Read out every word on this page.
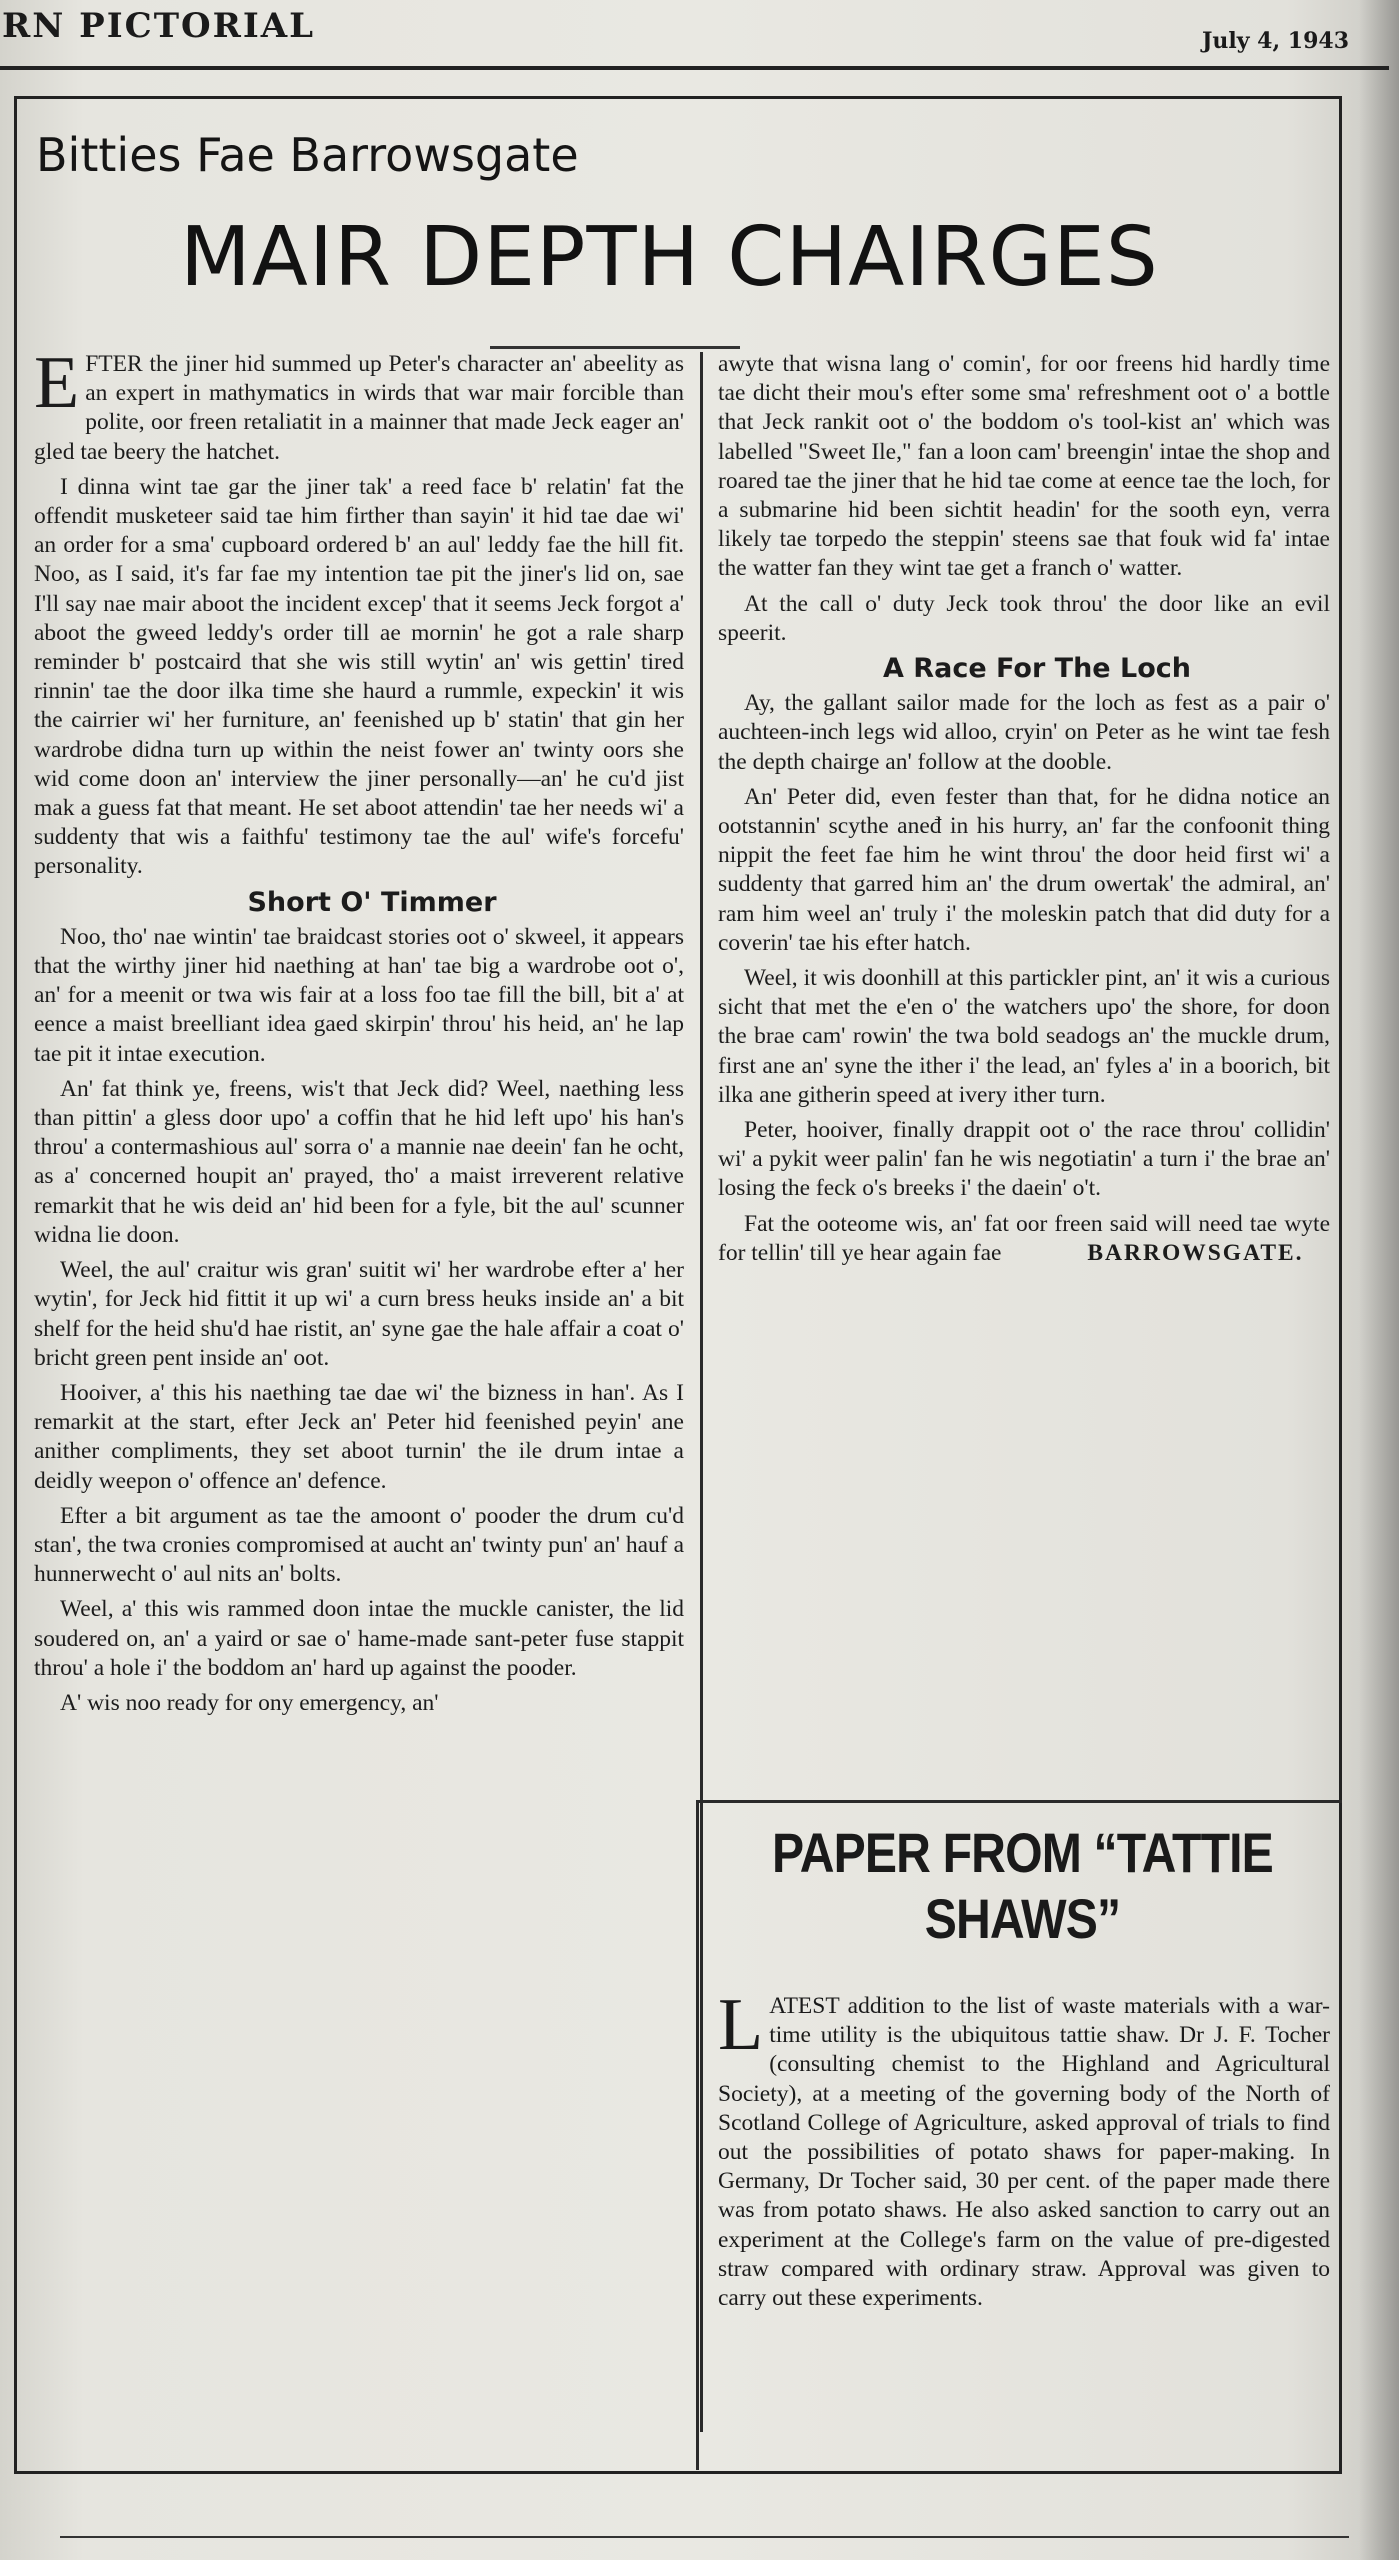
RN PICTORIAL	July 4, 1943
Bitties Fae Barrowsgate
MAIR DEPTH CHAIRGES

EFTER the jiner hid summed up Peter's character an' abeelity as an expert in mathymatics in wirds that war mair forcible than polite, oor freen retaliatit in a mainner that made Jeck eager an' gled tae beery the hatchet.

I dinna wint tae gar the jiner tak' a reed face b' relatin' fat the offendit musketeer said tae him firther than sayin' it hid tae dae wi' an order for a sma' cupboard ordered b' an aul' leddy fae the hill fit. Noo, as I said, it's far fae my intention tae pit the jiner's lid on, sae I'll say nae mair aboot the incident excep' that it seems Jeck forgot a' aboot the gweed leddy's order till ae mornin' he got a rale sharp reminder b' postcaird that she wis still wytin' an' wis gettin' tired rinnin' tae the door ilka time she haurd a rummle, expeckin' it wis the cairrier wi' her furniture, an' feenished up b' statin' that gin her wardrobe didna turn up within the neist fower an' twinty oors she wid come doon an' interview the jiner personally—an' he cu'd jist mak a guess fat that meant. He set aboot attendin' tae her needs wi' a suddenty that wis a faithfu' testimony tae the aul' wife's forcefu' personality.

Short O' Timmer

Noo, tho' nae wintin' tae braidcast stories oot o' skweel, it appears that the wirthy jiner hid naething at han' tae big a wardrobe oot o', an' for a meenit or twa wis fair at a loss foo tae fill the bill, bit a' at eence a maist breelliant idea gaed skirpin' throu' his heid, an' he lap tae pit it intae execution.

An' fat think ye, freens, wis't that Jeck did? Weel, naething less than pittin' a gless door upo' a coffin that he hid left upo' his han's throu' a contermashious aul' sorra o' a mannie nae deein' fan he ocht, as a' concerned houpit an' prayed, tho' a maist irreverent relative remarkit that he wis deid an' hid been for a fyle, bit the aul' scunner widna lie doon.

Weel, the aul' craitur wis gran' suitit wi' her wardrobe efter a' her wytin', for Jeck hid fittit it up wi' a curn bress heuks inside an' a bit shelf for the heid shu'd hae ristit, an' syne gae the hale affair a coat o' bricht green pent inside an' oot.

Hooiver, a' this his naething tae dae wi' the bizness in han'. As I remarkit at the start, efter Jeck an' Peter hid feenished peyin' ane anither compliments, they set aboot turnin' the ile drum intae a deidly weepon o' offence an' defence.

Efter a bit argument as tae the amoont o' pooder the drum cu'd stan', the twa cronies compromised at aucht an' twinty pun' an' hauf a hunnerwecht o' aul nits an' bolts.

Weel, a' this wis rammed doon intae the muckle canister, the lid soudered on, an' a yaird or sae o' hame-made sant-peter fuse stappit throu' a hole i' the boddom an' hard up against the pooder.

A' wis noo ready for ony emergency, an'

awyte that wisna lang o' comin', for oor freens hid hardly time tae dicht their mou's efter some sma' refreshment oot o' a bottle that Jeck rankit oot o' the boddom o's tool-kist an' which was labelled "Sweet Ile," fan a loon cam' breengin' intae the shop and roared tae the jiner that he hid tae come at eence tae the loch, for a submarine hid been sichtit headin' for the sooth eyn, verra likely tae torpedo the steppin' steens sae that fouk wid fa' intae the watter fan they wint tae get a franch o' watter.

At the call o' duty Jeck took throu' the door like an evil speerit.

A Race For The Loch

Ay, the gallant sailor made for the loch as fest as a pair o' auchteen-inch legs wid alloo, cryin' on Peter as he wint tae fesh the depth chairge an' follow at the dooble.

An' Peter did, even fester than that, for he didna notice an ootstannin' scythe aneđ in his hurry, an' far the confoonit thing nippit the feet fae him he wint throu' the door heid first wi' a suddenty that garred him an' the drum owertak' the admiral, an' ram him weel an' truly i' the moleskin patch that did duty for a coverin' tae his efter hatch.

Weel, it wis doonhill at this partickler pint, an' it wis a curious sicht that met the e'en o' the watchers upo' the shore, for doon the brae cam' rowin' the twa bold seadogs an' the muckle drum, first ane an' syne the ither i' the lead, an' fyles a' in a boorich, bit ilka ane githerin speed at ivery ither turn.

Peter, hooiver, finally drappit oot o' the race throu' collidin' wi' a pykit weer palin' fan he wis negotiatin' a turn i' the brae an' losing the feck o's breeks i' the daein' o't.

Fat the ooteome wis, an' fat oor freen said will need tae wyte for tellin' till ye hear again fae	BARROWSGATE.

PAPER FROM “TATTIE SHAWS”

LATEST addition to the list of waste materials with a war-time utility is the ubiquitous tattie shaw. Dr J. F. Tocher (consulting chemist to the Highland and Agricultural Society), at a meeting of the governing body of the North of Scotland College of Agriculture, asked approval of trials to find out the possibilities of potato shaws for paper-making. In Germany, Dr Tocher said, 30 per cent. of the paper made there was from potato shaws. He also asked sanction to carry out an experiment at the College's farm on the value of pre-digested straw compared with ordinary straw. Approval was given to carry out these experiments.
